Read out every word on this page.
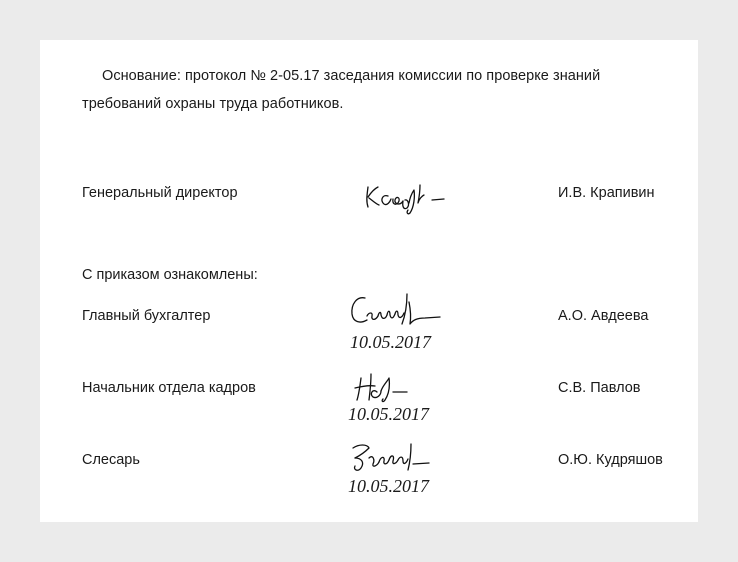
Основание: протокол № 2-05.17 заседания комиссии по проверке знаний требований охраны труда работников.

Генеральный директор	И.В. Крапивин

С приказом ознакомлены:

Главный бухгалтер
10.05.2017
А.О. Авдеева
Начальник отдела кадров
10.05.2017
С.В. Павлов
Слесарь
10.05.2017
О.Ю. Кудряшов
